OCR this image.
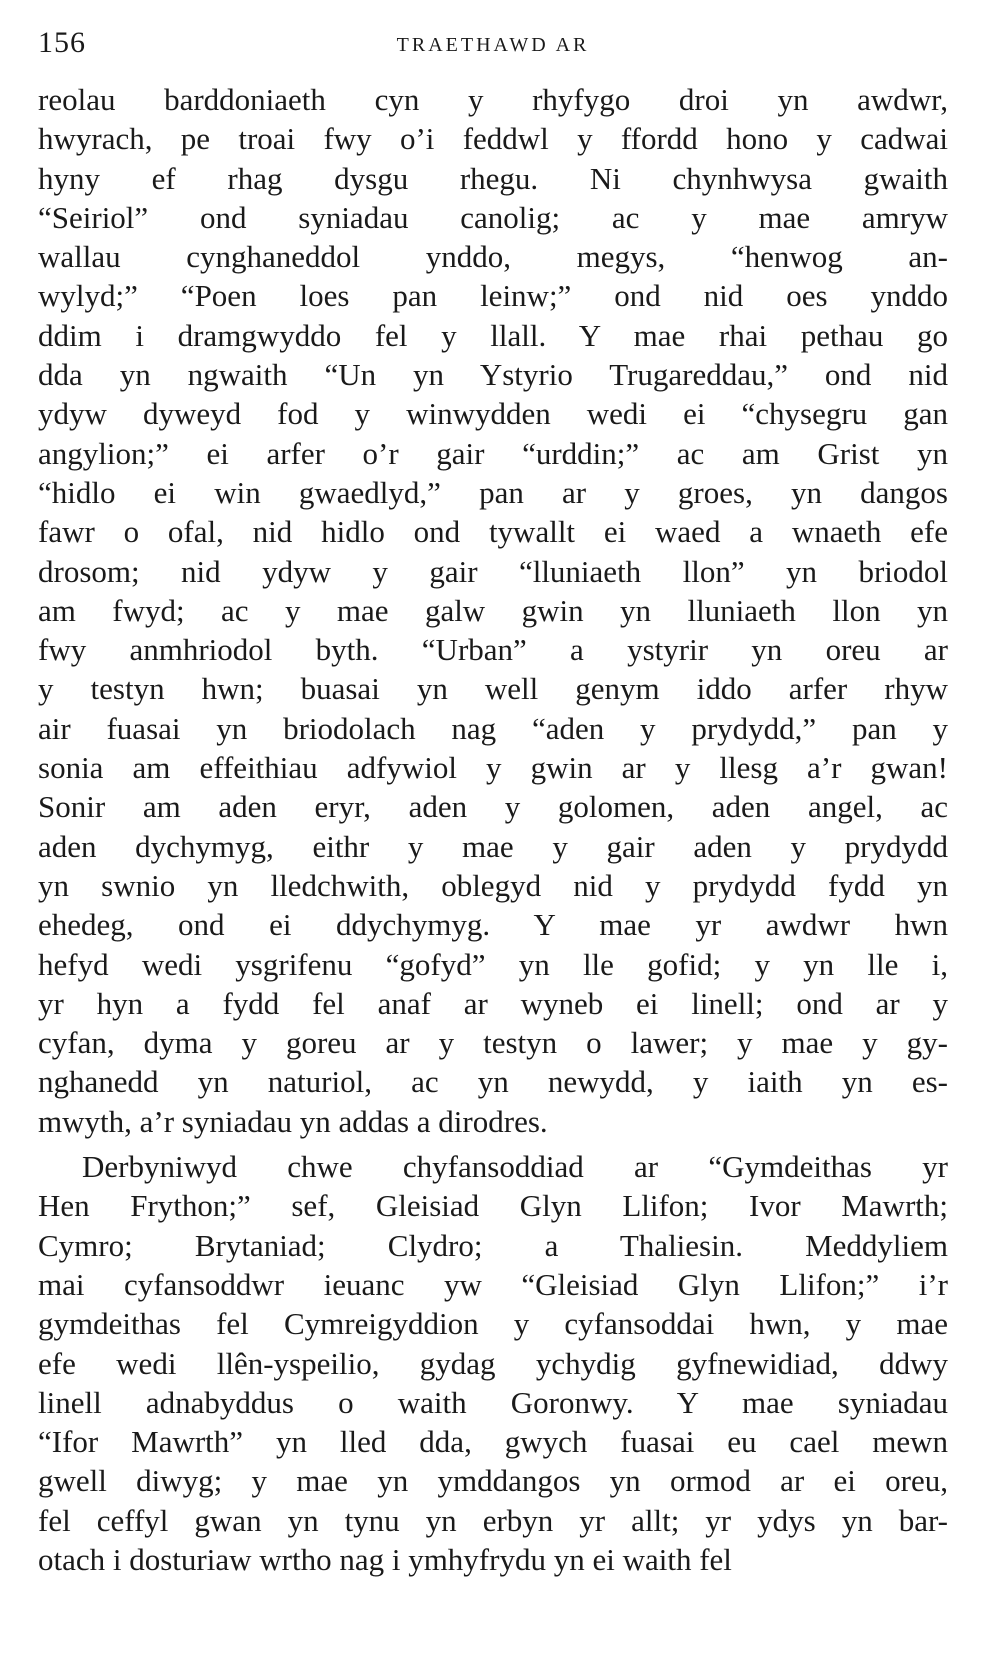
156	TRAETHAWD AR
reolau barddoniaeth cyn y rhyfygo droi yn awdwr,
hwyrach, pe troai fwy o’i feddwl y ffordd hono y cadwai
hyny ef rhag dysgu rhegu. Ni chynhwysa gwaith
“Seiriol” ond syniadau canolig; ac y mae amryw
wallau cynghaneddol ynddo, megys, “henwog an-
wylyd;” “Poen loes pan leinw;” ond nid oes ynddo
ddim i dramgwyddo fel y llall. Y mae rhai pethau go
dda yn ngwaith “Un yn Ystyrio Trugareddau,” ond nid
ydyw dyweyd fod y winwydden wedi ei “chysegru gan
angylion;” ei arfer o’r gair “urddin;” ac am Grist yn
“hidlo ei win gwaedlyd,” pan ar y groes, yn dangos
fawr o ofal, nid hidlo ond tywallt ei waed a wnaeth efe
drosom; nid ydyw y gair “lluniaeth llon” yn briodol
am fwyd; ac y mae galw gwin yn lluniaeth llon yn
fwy anmhriodol byth. “Urban” a ystyrir yn oreu ar
y testyn hwn; buasai yn well genym iddo arfer rhyw
air fuasai yn briodolach nag “aden y prydydd,” pan y
sonia am effeithiau adfywiol y gwin ar y llesg a’r gwan!
Sonir am aden eryr, aden y golomen, aden angel, ac
aden dychymyg, eithr y mae y gair aden y prydydd
yn swnio yn lledchwith, oblegyd nid y prydydd fydd yn
ehedeg, ond ei ddychymyg. Y mae yr awdwr hwn
hefyd wedi ysgrifenu “gofyd” yn lle gofid; y yn lle i,
yr hyn a fydd fel anaf ar wyneb ei linell; ond ar y
cyfan, dyma y goreu ar y testyn o lawer; y mae y gy-
nghanedd yn naturiol, ac yn newydd, y iaith yn es-
mwyth, a’r syniadau yn addas a dirodres.
Derbyniwyd chwe chyfansoddiad ar “Gymdeithas yr
Hen Frython;” sef, Gleisiad Glyn Llifon; Ivor Mawrth;
Cymro; Brytaniad; Clydro; a Thaliesin. Meddyliem
mai cyfansoddwr ieuanc yw “Gleisiad Glyn Llifon;” i’r
gymdeithas fel Cymreigyddion y cyfansoddai hwn, y mae
efe wedi llên-yspeilio, gydag ychydig gyfnewidiad, ddwy
linell adnabyddus o waith Goronwy. Y mae syniadau
“Ifor Mawrth” yn lled dda, gwych fuasai eu cael mewn
gwell diwyg; y mae yn ymddangos yn ormod ar ei oreu,
fel ceffyl gwan yn tynu yn erbyn yr allt; yr ydys yn bar-
otach i dosturiaw wrtho nag i ymhyfrydu yn ei waith fel
